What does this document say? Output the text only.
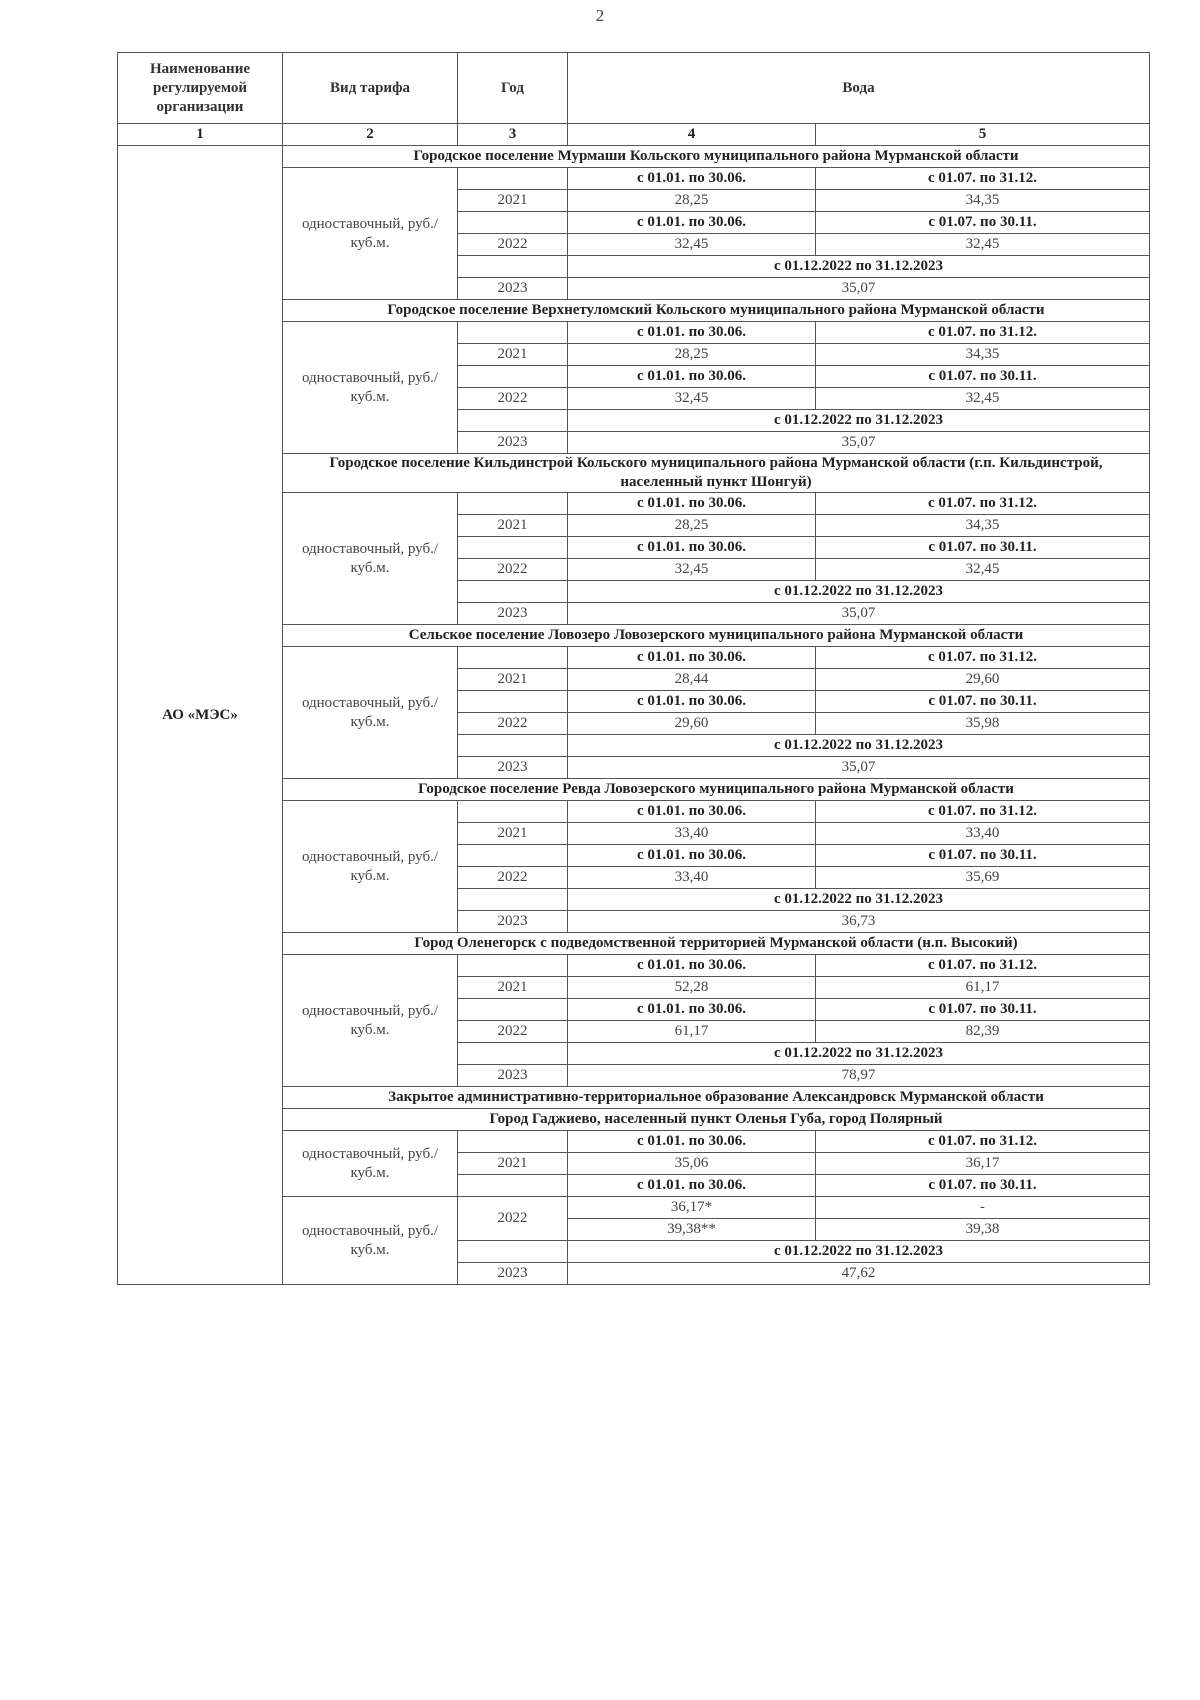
2
Наименование регулируемой организации	Вид тарифа	Год	Вода	
1	2	3	4	5
АО «МЭС»	Городское поселение Мурмаши Кольского муниципального района Мурманской области			
	одноставочный, руб./куб.м.		с 01.01. по 30.06.	с 01.07. по 31.12.
		2021	28,25	34,35
			с 01.01. по 30.06.	с 01.07. по 30.11.
		2022	32,45	32,45
			с 01.12.2022 по 31.12.2023	
		2023	35,07	
	Городское поселение Верхнетуломский Кольского муниципального района Мурманской области			
	одноставочный, руб./куб.м.		с 01.01. по 30.06.	с 01.07. по 31.12.
		2021	28,25	34,35
			с 01.01. по 30.06.	с 01.07. по 30.11.
		2022	32,45	32,45
			с 01.12.2022 по 31.12.2023	
		2023	35,07	
	Городское поселение Кильдинстрой Кольского муниципального района Мурманской области (г.п. Кильдинстрой, населенный пункт Шонгуй)			
	одноставочный, руб./куб.м.		с 01.01. по 30.06.	с 01.07. по 31.12.
		2021	28,25	34,35
			с 01.01. по 30.06.	с 01.07. по 30.11.
		2022	32,45	32,45
			с 01.12.2022 по 31.12.2023	
		2023	35,07	
	Сельское поселение Ловозеро Ловозерского муниципального района Мурманской области			
	одноставочный, руб./куб.м.		с 01.01. по 30.06.	с 01.07. по 31.12.
		2021	28,44	29,60
			с 01.01. по 30.06.	с 01.07. по 30.11.
		2022	29,60	35,98
			с 01.12.2022 по 31.12.2023	
		2023	35,07	
	Городское поселение Ревда Ловозерского муниципального района Мурманской области			
	одноставочный, руб./куб.м.		с 01.01. по 30.06.	с 01.07. по 31.12.
		2021	33,40	33,40
			с 01.01. по 30.06.	с 01.07. по 30.11.
		2022	33,40	35,69
			с 01.12.2022 по 31.12.2023	
		2023	36,73	
	Город Оленегорск с подведомственной территорией Мурманской области (н.п. Высокий)			
	одноставочный, руб./куб.м.		с 01.01. по 30.06.	с 01.07. по 31.12.
		2021	52,28	61,17
			с 01.01. по 30.06.	с 01.07. по 30.11.
		2022	61,17	82,39
			с 01.12.2022 по 31.12.2023	
		2023	78,97	
	Закрытое административно-территориальное образование Александровск Мурманской области			
	Город Гаджиево, населенный пункт Оленья Губа, город Полярный			
	одноставочный, руб./куб.м.		с 01.01. по 30.06.	с 01.07. по 31.12.
		2021	35,06	36,17
			с 01.01. по 30.06.	с 01.07. по 30.11.
	одноставочный, руб./куб.м.	2022	36,17*	-
			39,38**	39,38
			с 01.12.2022 по 31.12.2023	
		2023	47,62	
